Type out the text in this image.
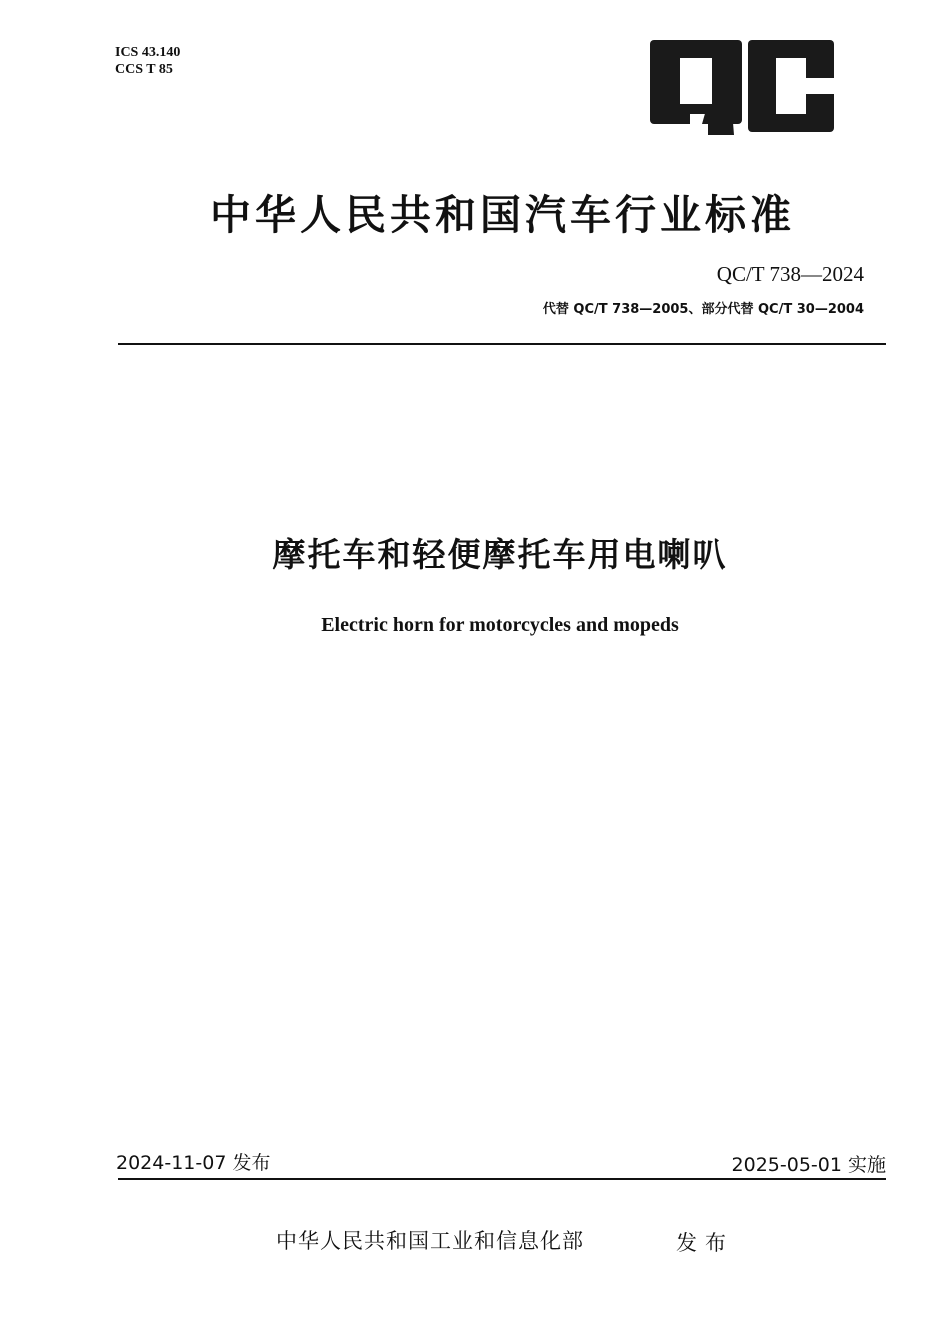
ICS 43.140
CCS T 85
中华人民共和国汽车行业标准
QC/T 738—2024
代替 QC/T 738—2005、部分代替 QC/T 30—2004
摩托车和轻便摩托车用电喇叭
Electric horn for motorcycles and mopeds
2024-11-07 发布	2025-05-01 实施
中华人民共和国工业和信息化部	发布
